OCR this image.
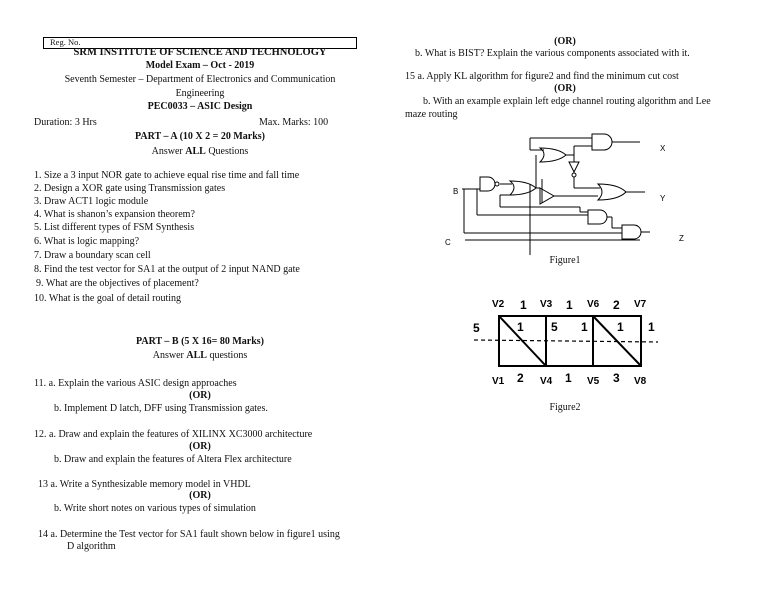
Reg. No.
SRM INSTITUTE OF SCIENCE AND TECHNOLOGY
Model Exam – Oct - 2019
Seventh Semester – Department of Electronics and Communication
Engineering
PEC0033 – ASIC Design
Duration: 3 Hrs	Max. Marks: 100
PART – A (10 X 2 = 20 Marks)
Answer ALL Questions
1. Size a 3 input NOR gate to achieve equal rise time and fall time
2. Design a XOR gate using Transmission gates
3. Draw ACT1 logic module
4. What is shanon’s expansion theorem?
5. List different types of FSM Synthesis
6. What is logic mapping?
7. Draw a boundary scan cell
8. Find the test vector for SA1 at the output of 2 input NAND gate
9. What are the objectives of placement?
10. What is the goal of detail routing
PART – B (5 X 16= 80 Marks)
Answer ALL questions
11. a. Explain the various ASIC design approaches
(OR)
b. Implement D latch, DFF using Transmission gates.
12. a. Draw and explain the features of XILINX XC3000 architecture
(OR)
b. Draw and explain the features of Altera Flex architecture
13 a. Write a Synthesizable memory model in VHDL
(OR)
b. Write short notes on various types of simulation
14 a. Determine the Test vector for SA1 fault shown below in figure1 using
D algorithm
(OR)
b. What is BIST? Explain the various components associated with it.
15 a. Apply KL algorithm for figure2 and find the minimum cut cost
(OR)
b. With an example explain left edge channel routing algorithm and Lee
maze routing
B
C
X
Y
Z
Figure1
V2	V3	V6	V7
V1	V4	V5	V8
1	1	2
2	1	3
5	1 5 1 1 1
Figure2
